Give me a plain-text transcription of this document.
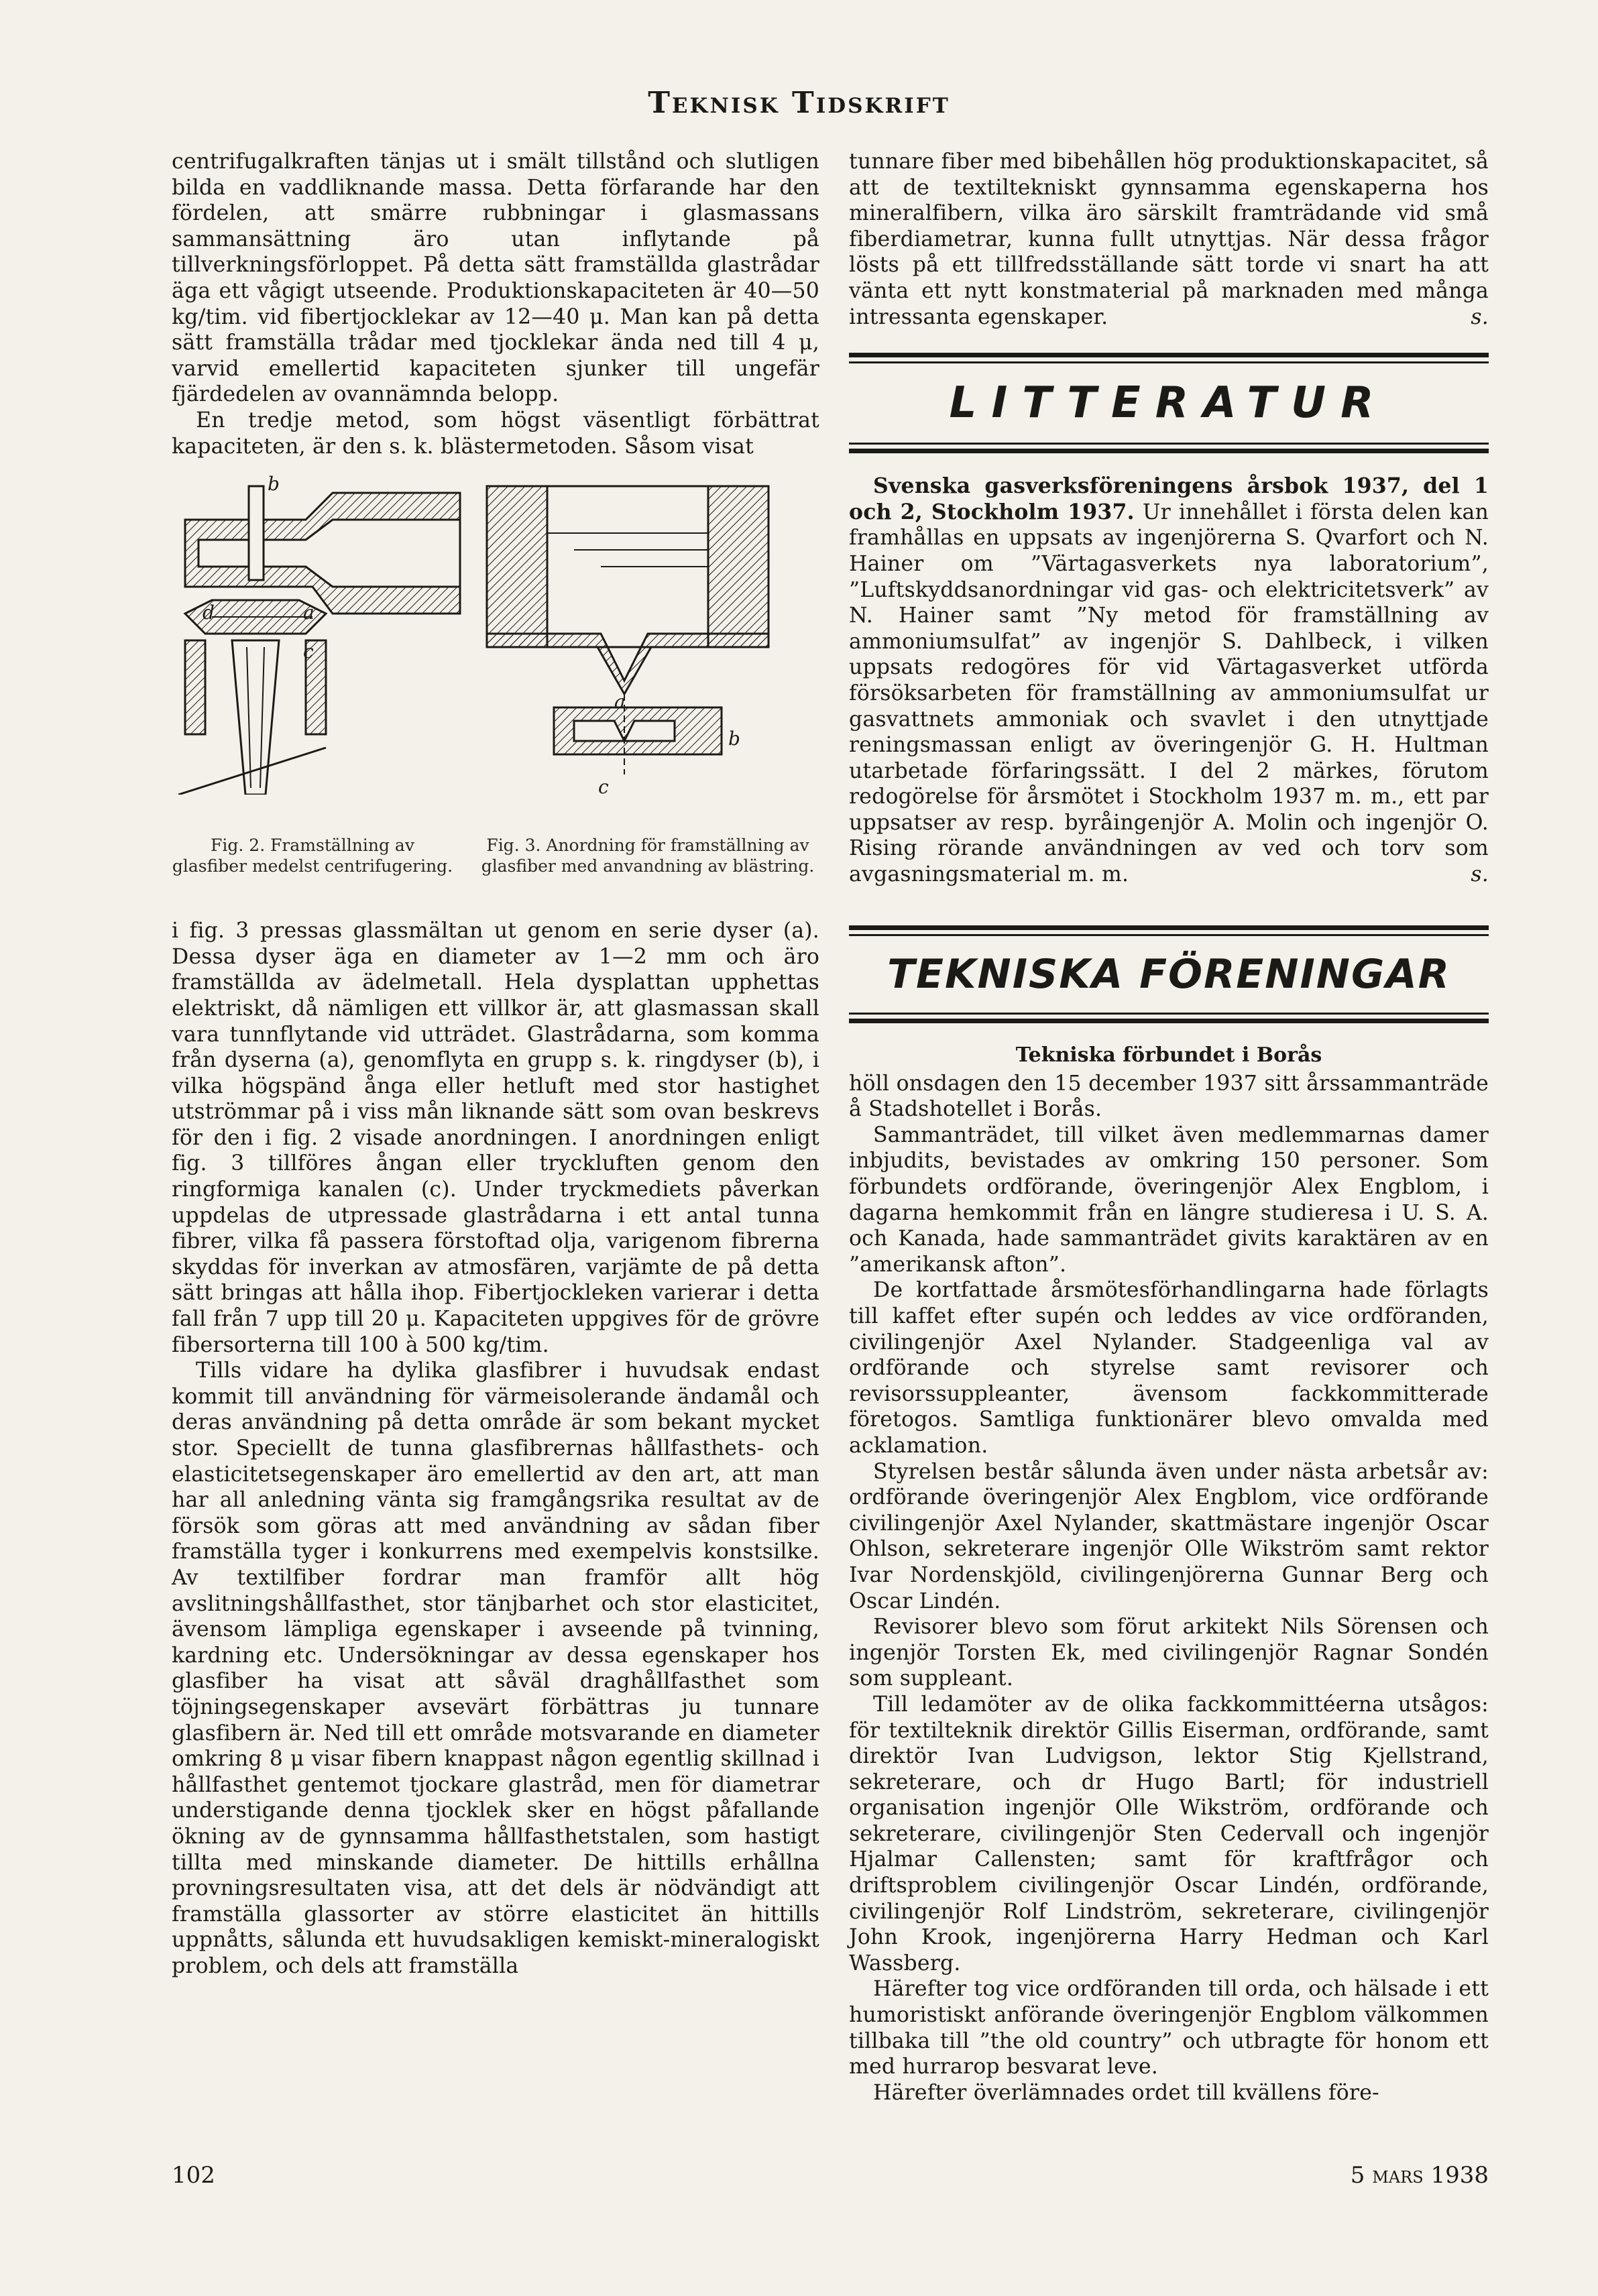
Teknisk Tidskrift

centrifugalkraften tänjas ut i smält tillstånd och slutligen bilda en vaddliknande massa. Detta förfarande har den fördelen, att smärre rubbningar i glasmassans sammansättning äro utan inflytande på tillverkningsförloppet. På detta sätt framställda glastrådar äga ett vågigt utseende. Produktionskapaciteten är 40—50 kg/tim. vid fibertjocklekar av 12—40 μ. Man kan på detta sätt framställa trådar med tjocklekar ända ned till 4 μ, varvid emellertid kapaciteten sjunker till ungefär fjärdedelen av ovannämnda belopp.

En tredje metod, som högst väsentligt förbättrat kapaciteten, är den s. k. blästermetoden. Såsom visat

b
d	a
c
a
b
c
Fig. 2. Framställning av glasfiber medelst centrifugering.
Fig. 3. Anordning för framställning av glasfiber med anvandning av blästring.

i fig. 3 pressas glassmältan ut genom en serie dyser (a). Dessa dyser äga en diameter av 1—2 mm och äro framställda av ädelmetall. Hela dysplattan upphettas elektriskt, då nämligen ett villkor är, att glasmassan skall vara tunnflytande vid utträdet. Glastrådarna, som komma från dyserna (a), genomflyta en grupp s. k. ringdyser (b), i vilka högspänd ånga eller hetluft med stor hastighet utströmmar på i viss mån liknande sätt som ovan beskrevs för den i fig. 2 visade anordningen. I anordningen enligt fig. 3 tillföres ångan eller tryckluften genom den ringformiga kanalen (c). Under tryckmediets påverkan uppdelas de utpressade glastrådarna i ett antal tunna fibrer, vilka få passera förstoftad olja, varigenom fibrerna skyddas för inverkan av atmosfären, varjämte de på detta sätt bringas att hålla ihop. Fibertjockleken varierar i detta fall från 7 upp till 20 μ. Kapaciteten uppgives för de grövre fibersorterna till 100 à 500 kg/tim.

Tills vidare ha dylika glasfibrer i huvudsak endast kommit till användning för värmeisolerande ändamål och deras användning på detta område är som bekant mycket stor. Speciellt de tunna glasfibrernas hållfasthets- och elasticitetsegenskaper äro emellertid av den art, att man har all anledning vänta sig framgångsrika resultat av de försök som göras att med användning av sådan fiber framställa tyger i konkurrens med exempelvis konstsilke. Av textilfiber fordrar man framför allt hög avslitningshållfasthet, stor tänjbarhet och stor elasticitet, ävensom lämpliga egenskaper i avseende på tvinning, kardning etc. Undersökningar av dessa egenskaper hos glasfiber ha visat att såväl draghållfasthet som töjningsegenskaper avsevärt förbättras ju tunnare glasfibern är. Ned till ett område motsvarande en diameter omkring 8 μ visar fibern knappast någon egentlig skillnad i hållfasthet gentemot tjockare glastråd, men för diametrar understigande denna tjocklek sker en högst påfallande ökning av de gynnsamma hållfasthetstalen, som hastigt tillta med minskande diameter. De hittills erhållna provningsresultaten visa, att det dels är nödvändigt att framställa glassorter av större elasticitet än hittills uppnåtts, sålunda ett huvudsakligen kemiskt-mineralogiskt problem, och dels att framställa

tunnare fiber med bibehållen hög produktionskapacitet, så att de textiltekniskt gynnsamma egenskaperna hos mineralfibern, vilka äro särskilt framträdande vid små fiberdiametrar, kunna fullt utnyttjas. När dessa frågor lösts på ett tillfredsställande sätt torde vi snart ha att vänta ett nytt konstmaterial på marknaden med många intressanta egenskaper.	s.

LITTERATUR

Svenska gasverksföreningens årsbok 1937, del 1 och 2, Stockholm 1937. Ur innehållet i första delen kan framhållas en uppsats av ingenjörerna S. Qvarfort och N. Hainer om ”Värtagasverkets nya laboratorium”, ”Luftskyddsanordningar vid gas- och elektricitetsverk” av N. Hainer samt ”Ny metod för framställning av ammoniumsulfat” av ingenjör S. Dahlbeck, i vilken uppsats redogöres för vid Värtagasverket utförda försöksarbeten för framställning av ammoniumsulfat ur gasvattnets ammoniak och svavlet i den utnyttjade reningsmassan enligt av överingenjör G. H. Hultman utarbetade förfaringssätt. I del 2 märkes, förutom redogörelse för årsmötet i Stockholm 1937 m. m., ett par uppsatser av resp. byråingenjör A. Molin och ingenjör O. Rising rörande användningen av ved och torv som avgasningsmaterial m. m.	s.

TEKNISKA FÖRENINGAR
Tekniska förbundet i Borås

höll onsdagen den 15 december 1937 sitt årssammanträde å Stadshotellet i Borås.

Sammanträdet, till vilket även medlemmarnas damer inbjudits, bevistades av omkring 150 personer. Som förbundets ordförande, överingenjör Alex Engblom, i dagarna hemkommit från en längre studieresa i U. S. A. och Kanada, hade sammanträdet givits karaktären av en ”amerikansk afton”.

De kortfattade årsmötesförhandlingarna hade förlagts till kaffet efter supén och leddes av vice ordföranden, civilingenjör Axel Nylander. Stadgeenliga val av ordförande och styrelse samt revisorer och revisorssuppleanter, ävensom fackkommitterade företogos. Samtliga funktionärer blevo omvalda med acklamation.

Styrelsen består sålunda även under nästa arbetsår av: ordförande överingenjör Alex Engblom, vice ordförande civilingenjör Axel Nylander, skattmästare ingenjör Oscar Ohlson, sekreterare ingenjör Olle Wikström samt rektor Ivar Nordenskjöld, civilingenjörerna Gunnar Berg och Oscar Lindén.

Revisorer blevo som förut arkitekt Nils Sörensen och ingenjör Torsten Ek, med civilingenjör Ragnar Sondén som suppleant.

Till ledamöter av de olika fackkommittéerna utsågos: för textilteknik direktör Gillis Eiserman, ordförande, samt direktör Ivan Ludvigson, lektor Stig Kjellstrand, sekreterare, och dr Hugo Bartl; för industriell organisation ingenjör Olle Wikström, ordförande och sekreterare, civilingenjör Sten Cedervall och ingenjör Hjalmar Callensten; samt för kraftfrågor och driftsproblem civilingenjör Oscar Lindén, ordförande, civilingenjör Rolf Lindström, sekreterare, civilingenjör John Krook, ingenjörerna Harry Hedman och Karl Wassberg.

Härefter tog vice ordföranden till orda, och hälsade i ett humoristiskt anförande överingenjör Engblom välkommen tillbaka till ”the old country” och utbragte för honom ett med hurrarop besvarat leve.

Härefter överlämnades ordet till kvällens före-

102	5 mars 1938
